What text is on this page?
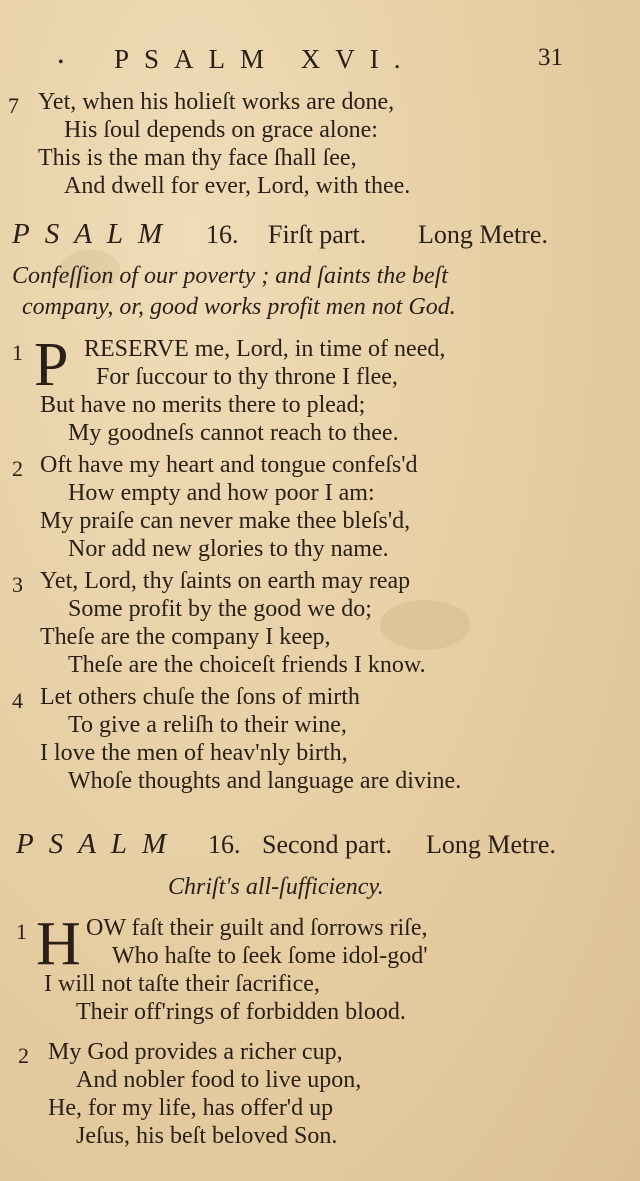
• PSALM XVI.	31
7 Yet, when his holieſt works are done,
His ſoul depends on grace alone:
This is the man thy face ſhall ſee,
And dwell for ever, Lord, with thee.
PSALM 16. Firſt part. Long Metre.
Confeſſion of our poverty ; and ſaints the beſt
company, or, good works profit men not God.
1 P RESERVE me, Lord, in time of need,
For ſuccour to thy throne I flee,
But have no merits there to plead;
My goodneſs cannot reach to thee.
2 Oft have my heart and tongue confeſs'd
How empty and how poor I am:
My praiſe can never make thee bleſs'd,
Nor add new glories to thy name.
3 Yet, Lord, thy ſaints on earth may reap
Some profit by the good we do;
Theſe are the company I keep,
Theſe are the choiceſt friends I know.
4 Let others chuſe the ſons of mirth
To give a reliſh to their wine,
I love the men of heav'nly birth,
Whoſe thoughts and language are divine.
PSALM 16. Second part. Long Metre.
Chriſt's all-ſufficiency.
1 H OW faſt their guilt and ſorrows riſe,
Who haſte to ſeek ſome idol-god'
I will not taſte their ſacrifice,
Their off'rings of forbidden blood.
2 My God provides a richer cup,
And nobler food to live upon,
He, for my life, has offer'd up
Jeſus, his beſt beloved Son.
